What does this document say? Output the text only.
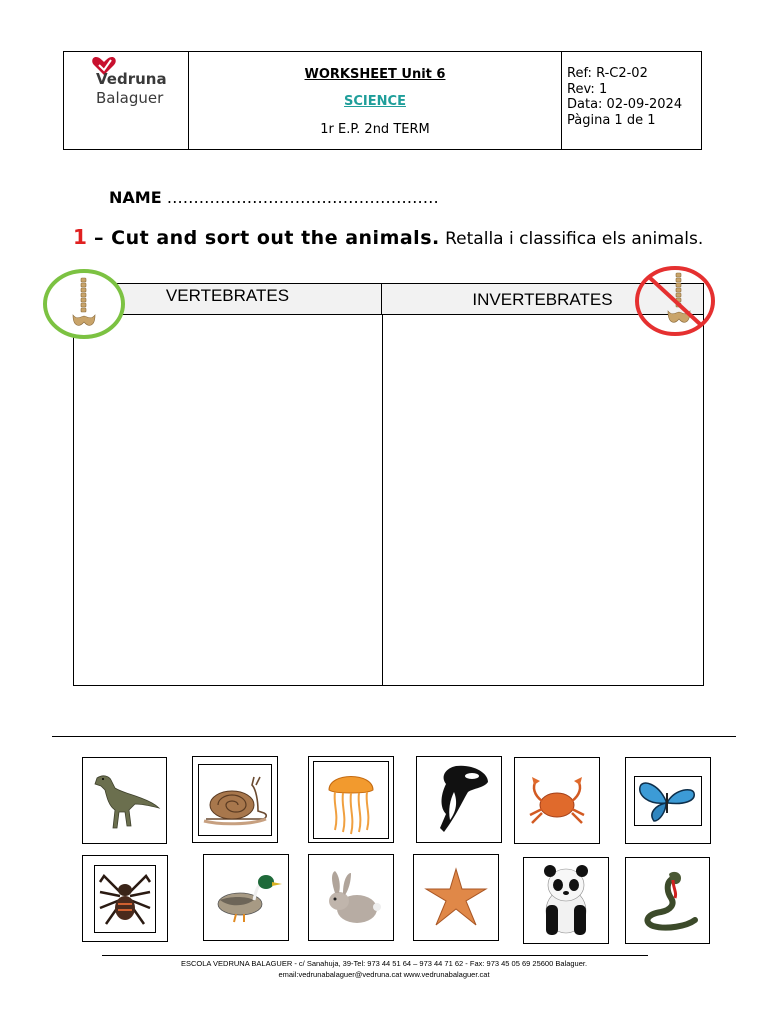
Vedruna
Balaguer
WORKSHEET Unit 6
SCIENCE
1r E.P. 2nd TERM
Ref: R-C2-02
Rev: 1
Data: 02-09-2024
Pàgina 1 de 1
NAME ……………………………………………
1 – Cut and sort out the animals. Retalla i classifica els animals.
VERTEBRATES	INVERTEBRATES
ESCOLA VEDRUNA BALAGUER - c/ Sanahuja, 39-Tel: 973 44 51 64 – 973 44 71 62 - Fax: 973 45 05 69 25600 Balaguer.
email:vedrunabalaguer@vedruna.cat www.vedrunabalaguer.cat
